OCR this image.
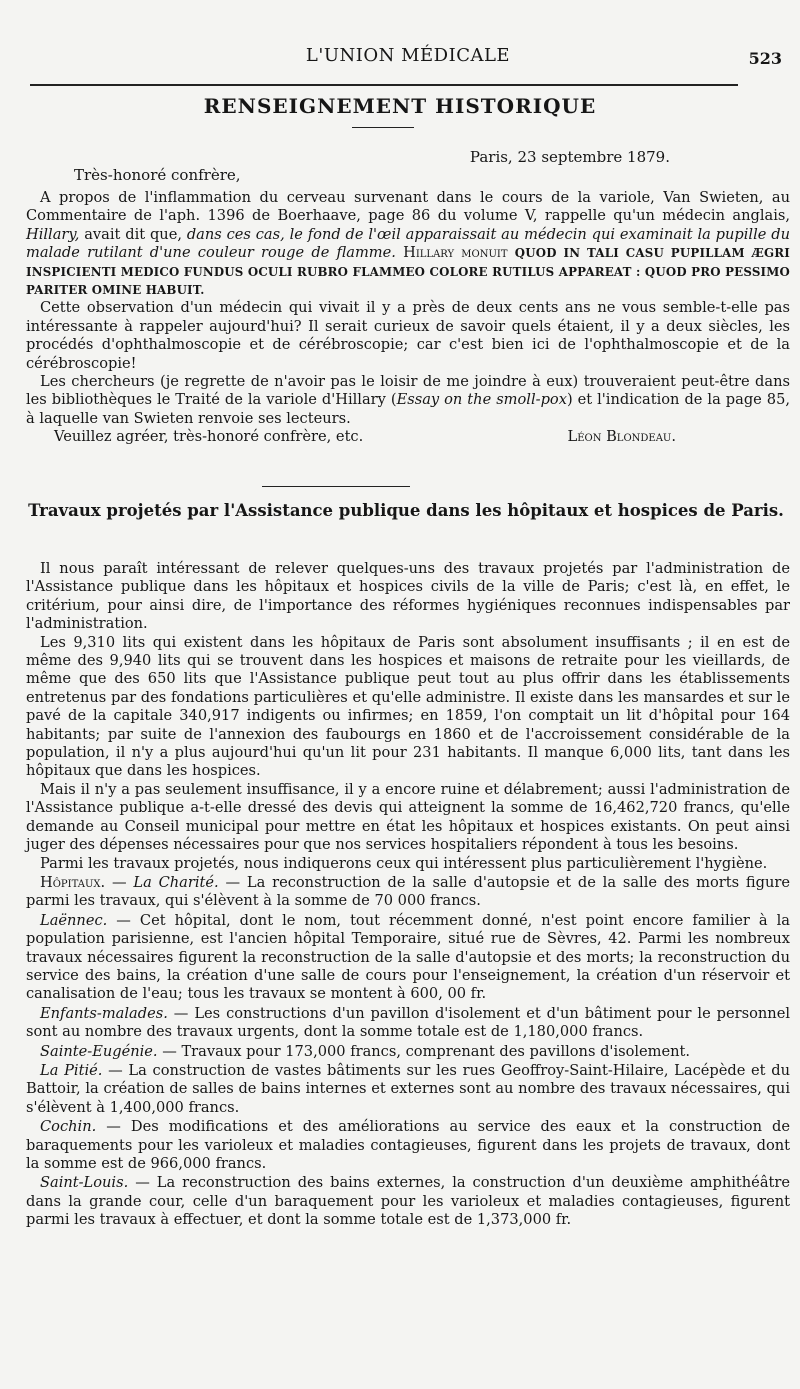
L'UNION MÉDICALE	523
RENSEIGNEMENT HISTORIQUE
Paris, 23 septembre 1879.
Très-honoré confrère,

A propos de l'inflammation du cerveau survenant dans le cours de la variole, Van Swieten, au Commentaire de l'aph. 1396 de Boerhaave, page 86 du volume V, rappelle qu'un médecin anglais, Hillary, avait dit que, dans ces cas, le fond de l'œil apparaissait au médecin qui examinait la pupille du malade rutilant d'une couleur rouge de flamme. Hillary monuit QUOD IN TALI CASU PUPILLAM ÆGRI INSPICIENTI MEDICO FUNDUS OCULI RUBRO FLAMMEO COLORE RUTILUS APPAREAT : QUOD PRO PESSIMO PARITER OMINE HABUIT.

Cette observation d'un médecin qui vivait il y a près de deux cents ans ne vous semble-t-elle pas intéressante à rappeler aujourd'hui? Il serait curieux de savoir quels étaient, il y a deux siècles, les procédés d'ophthalmoscopie et de cérébroscopie; car c'est bien ici de l'ophthalmoscopie et de la cérébroscopie!

Les chercheurs (je regrette de n'avoir pas le loisir de me joindre à eux) trouveraient peut-être dans les bibliothèques le Traité de la variole d'Hillary (Essay on the smoll-pox) et l'indication de la page 85, à laquelle van Swieten renvoie ses lecteurs.

Veuillez agréer, très-honoré confrère, etc.	Léon Blondeau.

Travaux projetés par l'Assistance publique dans les hôpitaux et hospices de Paris.

Il nous paraît intéressant de relever quelques-uns des travaux projetés par l'administration de l'Assistance publique dans les hôpitaux et hospices civils de la ville de Paris; c'est là, en effet, le critérium, pour ainsi dire, de l'importance des réformes hygiéniques reconnues indispensables par l'administration.

Les 9,310 lits qui existent dans les hôpitaux de Paris sont absolument insuffisants ; il en est de même des 9,940 lits qui se trouvent dans les hospices et maisons de retraite pour les vieillards, de même que des 650 lits que l'Assistance publique peut tout au plus offrir dans les établissements entretenus par des fondations particulières et qu'elle administre. Il existe dans les mansardes et sur le pavé de la capitale 340,917 indigents ou infirmes; en 1859, l'on comptait un lit d'hôpital pour 164 habitants; par suite de l'annexion des faubourgs en 1860 et de l'accroissement considérable de la population, il n'y a plus aujourd'hui qu'un lit pour 231 habitants. Il manque 6,000 lits, tant dans les hôpitaux que dans les hospices.

Mais il n'y a pas seulement insuffisance, il y a encore ruine et délabrement; aussi l'administration de l'Assistance publique a-t-elle dressé des devis qui atteignent la somme de 16,462,720 francs, qu'elle demande au Conseil municipal pour mettre en état les hôpitaux et hospices existants. On peut ainsi juger des dépenses nécessaires pour que nos services hospitaliers répondent à tous les besoins.

Parmi les travaux projetés, nous indiquerons ceux qui intéressent plus particulièrement l'hygiène.

Hôpitaux. — La Charité. — La reconstruction de la salle d'autopsie et de la salle des morts figure parmi les travaux, qui s'élèvent à la somme de 70 000 francs.

Laënnec. — Cet hôpital, dont le nom, tout récemment donné, n'est point encore familier à la population parisienne, est l'ancien hôpital Temporaire, situé rue de Sèvres, 42. Parmi les nombreux travaux nécessaires figurent la reconstruction de la salle d'autopsie et des morts; la reconstruction du service des bains, la création d'une salle de cours pour l'enseignement, la création d'un réservoir et canalisation de l'eau; tous les travaux se montent à 600, 00 fr.

Enfants-malades. — Les constructions d'un pavillon d'isolement et d'un bâtiment pour le personnel sont au nombre des travaux urgents, dont la somme totale est de 1,180,000 francs.

Sainte-Eugénie. — Travaux pour 173,000 francs, comprenant des pavillons d'isolement.

La Pitié. — La construction de vastes bâtiments sur les rues Geoffroy-Saint-Hilaire, Lacépède et du Battoir, la création de salles de bains internes et externes sont au nombre des travaux nécessaires, qui s'élèvent à 1,400,000 francs.

Cochin. — Des modifications et des améliorations au service des eaux et la construction de baraquements pour les varioleux et maladies contagieuses, figurent dans les projets de travaux, dont la somme est de 966,000 francs.

Saint-Louis. — La reconstruction des bains externes, la construction d'un deuxième amphithéâtre dans la grande cour, celle d'un baraquement pour les varioleux et maladies contagieuses, figurent parmi les travaux à effectuer, et dont la somme totale est de 1,373,000 fr.
